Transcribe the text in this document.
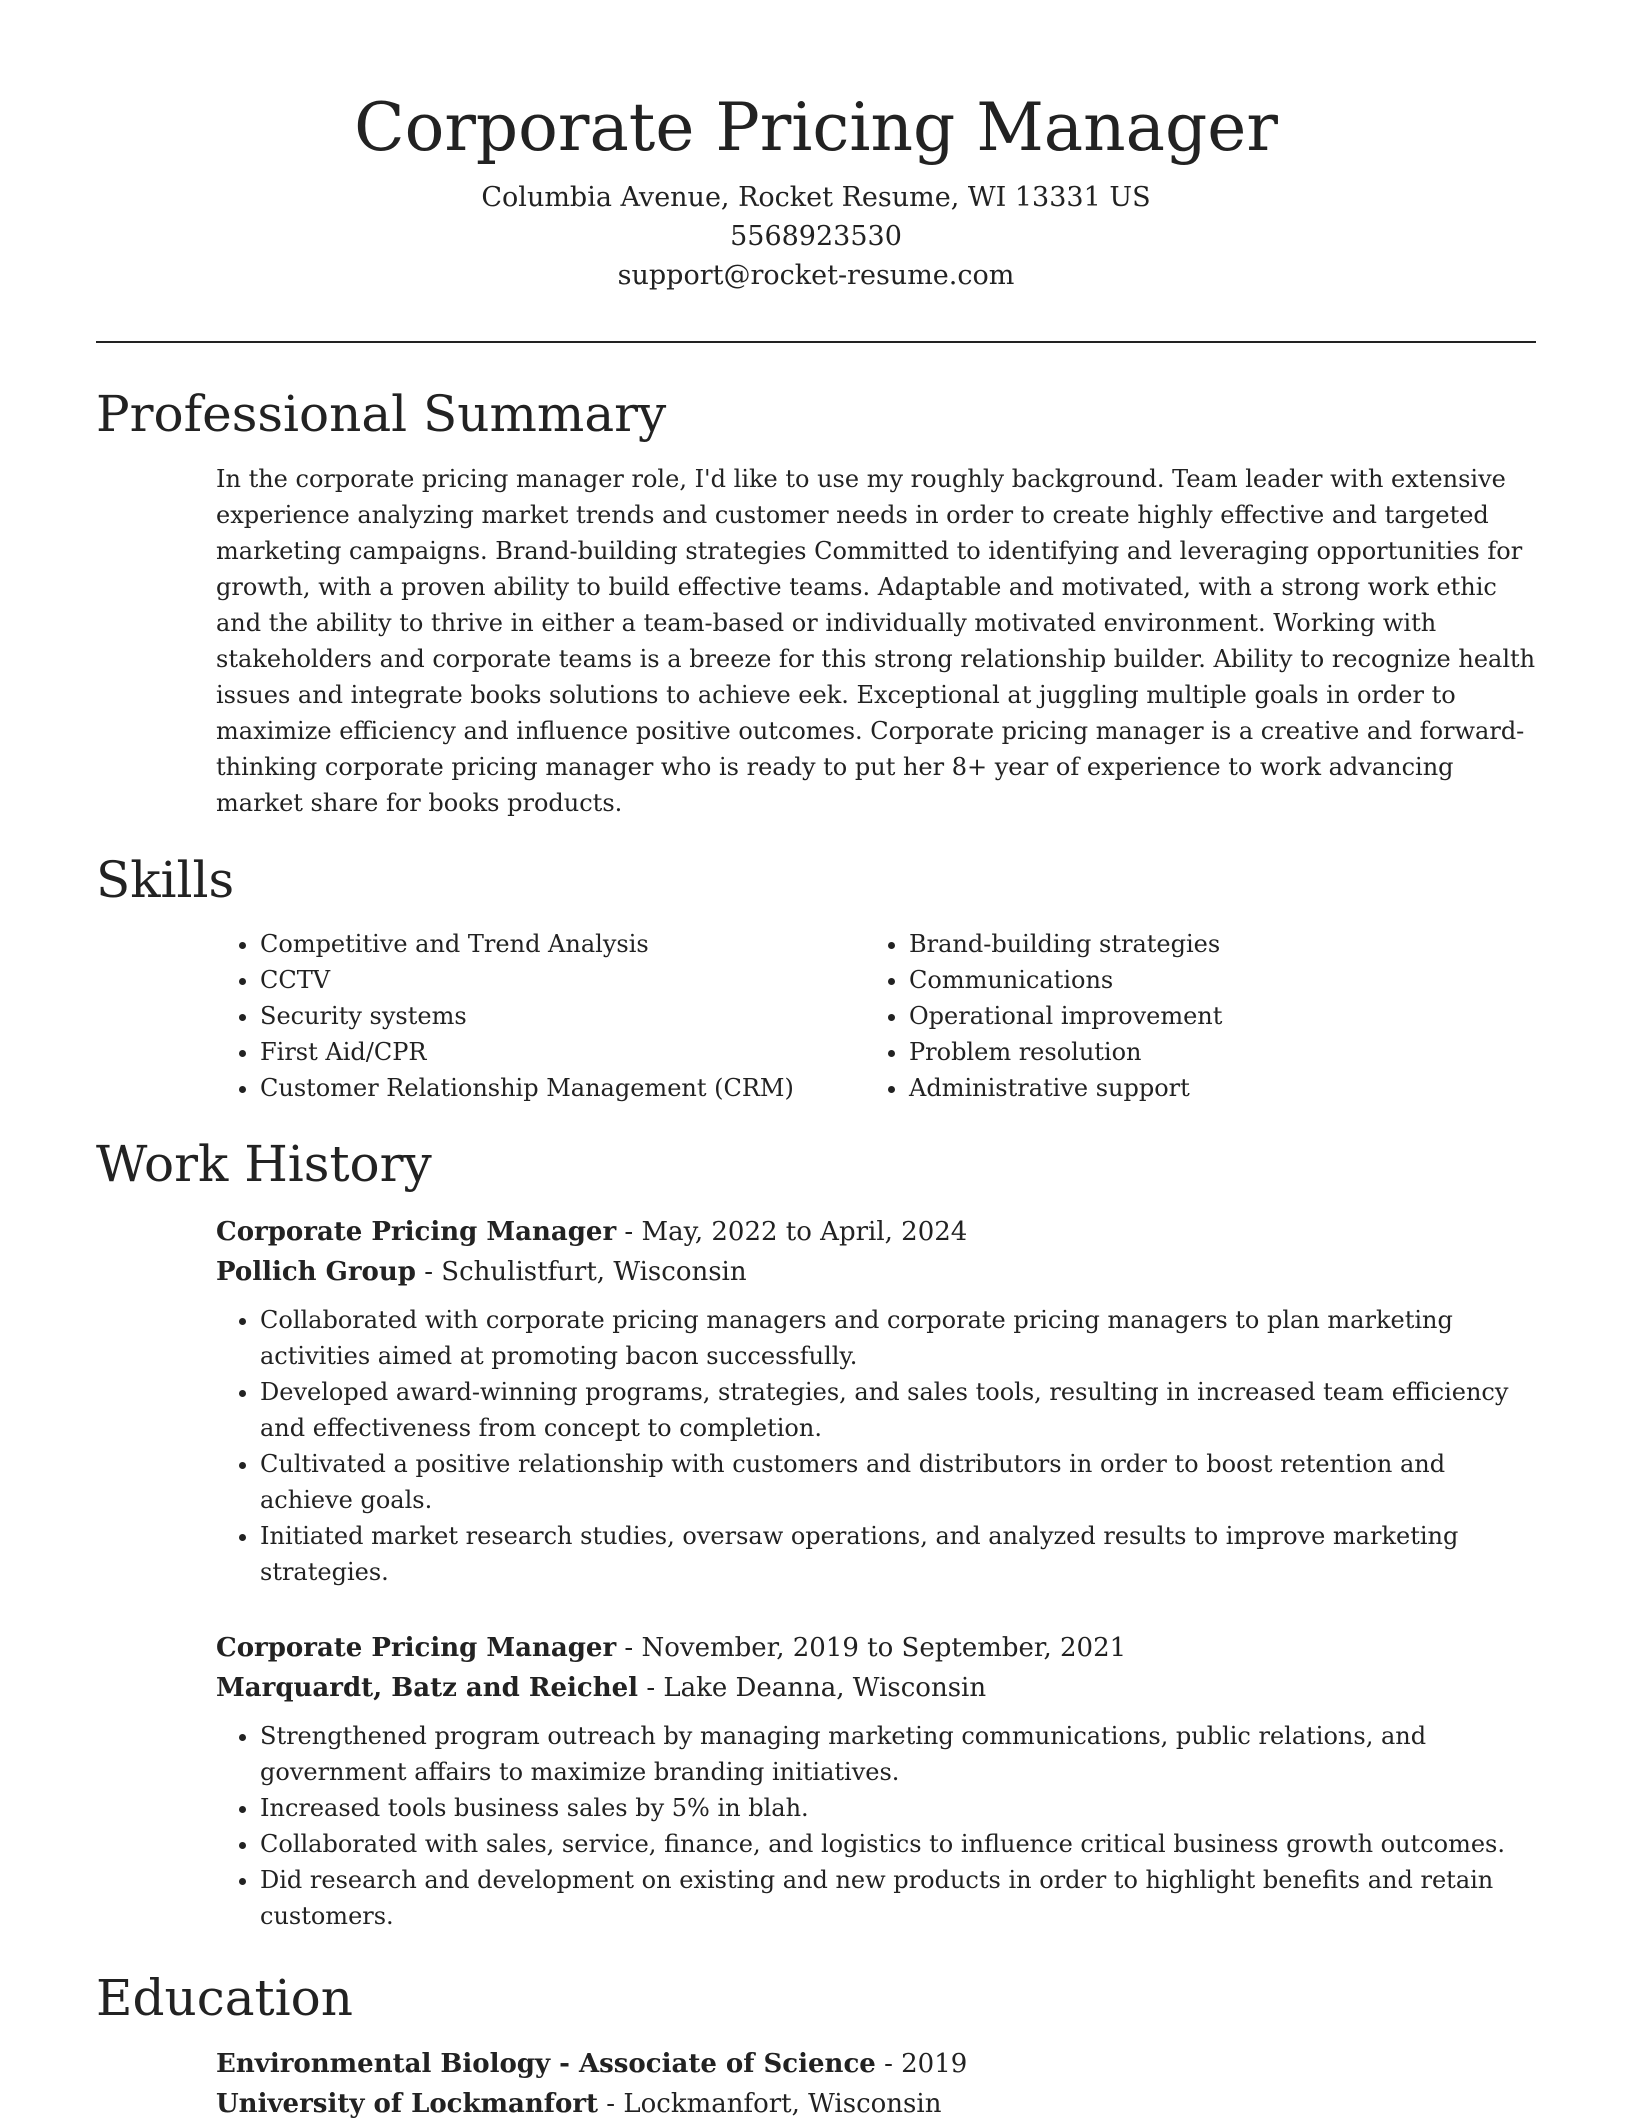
Corporate Pricing Manager
Columbia Avenue, Rocket Resume, WI 13331 US
5568923530
support@rocket-resume.com
Professional Summary

In the corporate pricing manager role, I'd like to use my roughly background. Team leader with extensive experience analyzing market trends and customer needs in order to create highly effective and targeted marketing campaigns. Brand-building strategies Committed to identifying and leveraging opportunities for growth, with a proven ability to build effective teams. Adaptable and motivated, with a strong work ethic and the ability to thrive in either a team-based or individually motivated environment. Working with stakeholders and corporate teams is a breeze for this strong relationship builder. Ability to recognize health issues and integrate books solutions to achieve eek. Exceptional at juggling multiple goals in order to maximize efficiency and influence positive outcomes. Corporate pricing manager is a creative and forward-thinking corporate pricing manager who is ready to put her 8+ year of experience to work advancing market share for books products.

Skills
• Competitive and Trend Analysis
• CCTV
• Security systems
• First Aid/CPR
• Customer Relationship Management (CRM)
• Brand-building strategies
• Communications
• Operational improvement
• Problem resolution
• Administrative support
Work History
Corporate Pricing Manager - May, 2022 to April, 2024
Pollich Group - Schulistfurt, Wisconsin
• Collaborated with corporate pricing managers and corporate pricing managers to plan marketing activities aimed at promoting bacon successfully.
• Developed award-winning programs, strategies, and sales tools, resulting in increased team efficiency and effectiveness from concept to completion.
• Cultivated a positive relationship with customers and distributors in order to boost retention and achieve goals.
• Initiated market research studies, oversaw operations, and analyzed results to improve marketing strategies.
Corporate Pricing Manager - November, 2019 to September, 2021
Marquardt, Batz and Reichel - Lake Deanna, Wisconsin
• Strengthened program outreach by managing marketing communications, public relations, and government affairs to maximize branding initiatives.
• Increased tools business sales by 5% in blah.
• Collaborated with sales, service, finance, and logistics to influence critical business growth outcomes.
• Did research and development on existing and new products in order to highlight benefits and retain customers.
Education
Environmental Biology - Associate of Science - 2019
University of Lockmanfort - Lockmanfort, Wisconsin
